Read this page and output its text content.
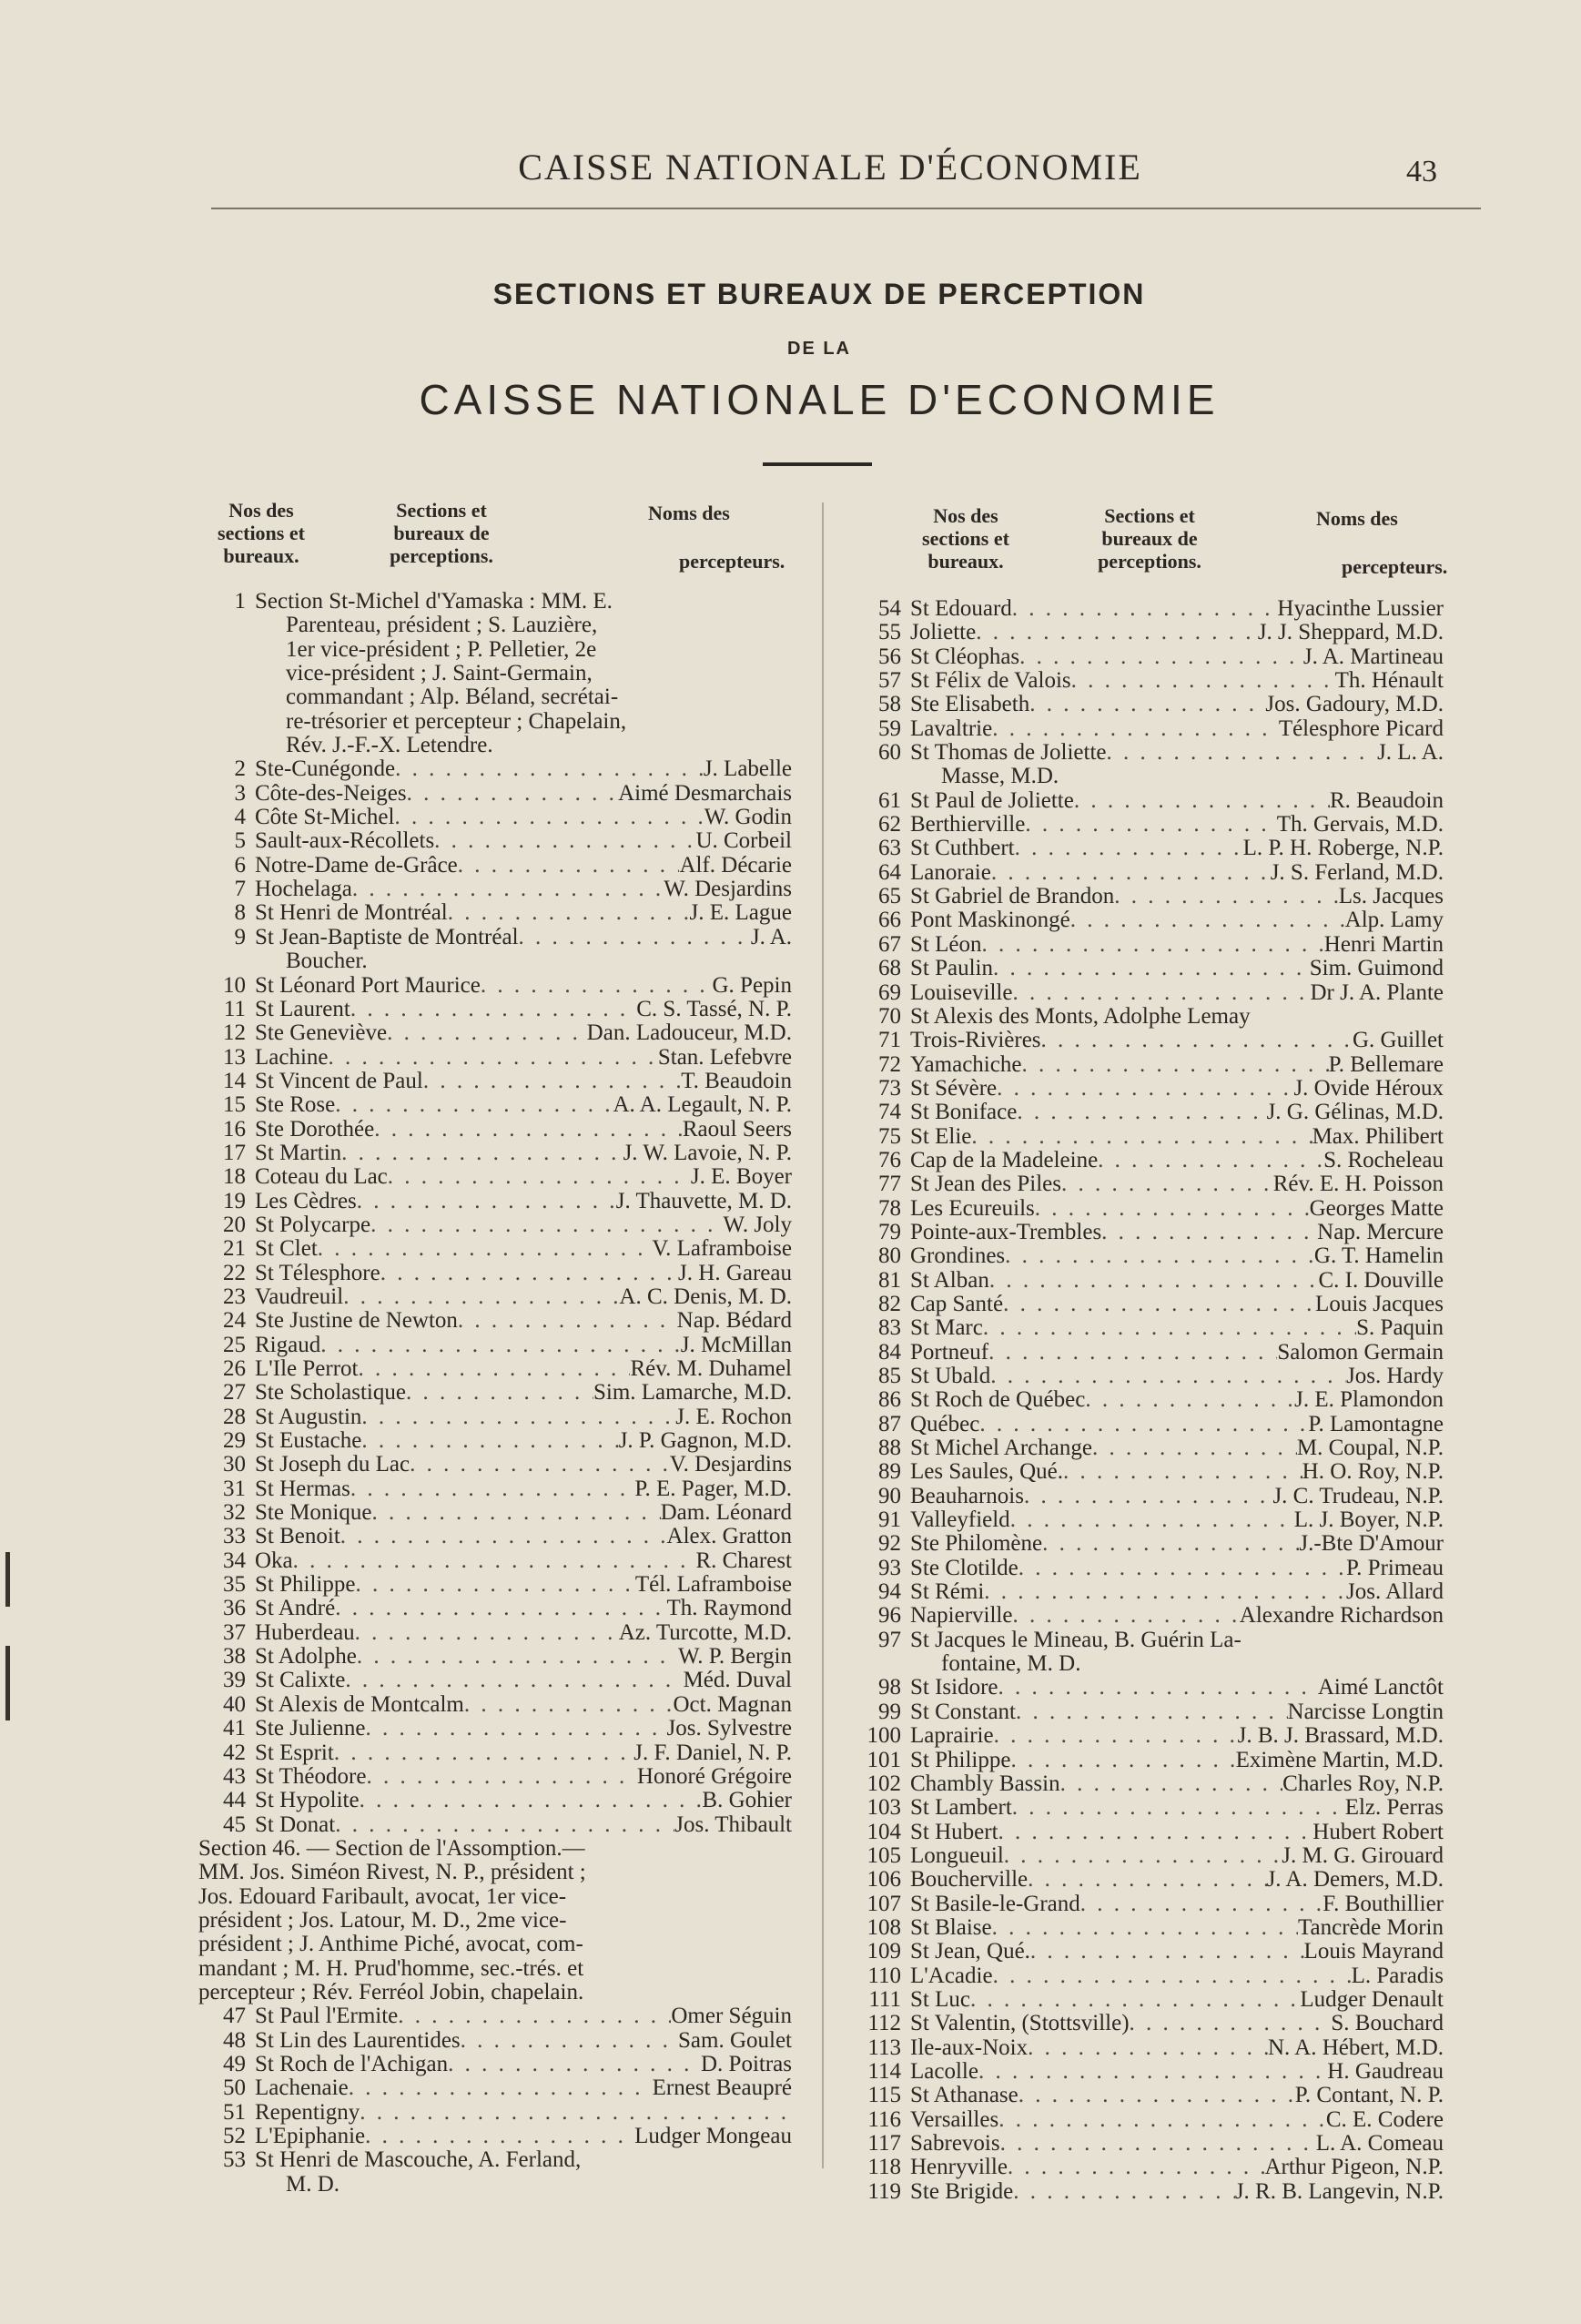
CAISSE NATIONALE D'ÉCONOMIE	43
SECTIONS ET BUREAUX DE PERCEPTION
DE LA
CAISSE NATIONALE D'ECONOMIE
Nos des sections et bureaux.
Sections et bureaux de perceptions.
Noms des
percepteurs.
Nos des sections et bureaux.
Sections et bureaux de perceptions.
Noms des
percepteurs.
1 Section St-Michel d'Yamaska : MM. E.
Parenteau, président ; S. Lauzière,
1er vice-président ; P. Pelletier, 2e
vice-président ; J. Saint-Germain,
commandant ; Alp. Béland, secrétai-
re-trésorier et percepteur ; Chapelain,
Rév. J.-F.-X. Letendre.
2 Ste-Cunégonde . . .	J. Labelle
3 Côte-des-Neiges . . .	Aimé Desmarchais
4 Côte St-Michel . . .	W. Godin
5 Sault-aux-Récollets . . .	U. Corbeil
6 Notre-Dame de-Grâce . . .	Alf. Décarie
7 Hochelaga . . .	W. Desjardins
8 St Henri de Montréal . . .	J. E. Lague
9 St Jean-Baptiste de Montréal . . .	J. A.
Boucher.
10 St Léonard Port Maurice . . .	G. Pepin
11 St Laurent . . .	C. S. Tassé, N. P.
12 Ste Geneviève . . .	Dan. Ladouceur, M.D.
13 Lachine . . .	Stan. Lefebvre
14 St Vincent de Paul . . .	T. Beaudoin
15 Ste Rose . . .	A. A. Legault, N. P.
16 Ste Dorothée . . .	Raoul Seers
17 St Martin . . .	J. W. Lavoie, N. P.
18 Coteau du Lac . . .	J. E. Boyer
19 Les Cèdres . . .	J. Thauvette, M. D.
20 St Polycarpe . . .	W. Joly
21 St Clet . . .	V. Laframboise
22 St Télesphore . . .	J. H. Gareau
23 Vaudreuil . . .	A. C. Denis, M. D.
24 Ste Justine de Newton . . .	Nap. Bédard
25 Rigaud . . .	J. McMillan
26 L'Ile Perrot . . .	Rév. M. Duhamel
27 Ste Scholastique . . .	Sim. Lamarche, M.D.
28 St Augustin . . .	J. E. Rochon
29 St Eustache . . .	J. P. Gagnon, M.D.
30 St Joseph du Lac . . .	V. Desjardins
31 St Hermas . . .	P. E. Pager, M.D.
32 Ste Monique . . .	Dam. Léonard
33 St Benoit . . .	Alex. Gratton
34 Oka . . .	R. Charest
35 St Philippe . . .	Tél. Laframboise
36 St André . . .	Th. Raymond
37 Huberdeau . . .	Az. Turcotte, M.D.
38 St Adolphe . . .	W. P. Bergin
39 St Calixte . . .	Méd. Duval
40 St Alexis de Montcalm . . .	Oct. Magnan
41 Ste Julienne . . .	Jos. Sylvestre
42 St Esprit . . .	J. F. Daniel, N. P.
43 St Théodore . . .	Honoré Grégoire
44 St Hypolite . . .	B. Gohier
45 St Donat . . .	Jos. Thibault
Section 46. — Section de l'Assomption.—
MM. Jos. Siméon Rivest, N. P., président ;
Jos. Edouard Faribault, avocat, 1er vice-
président ; Jos. Latour, M. D., 2me vice-
président ; J. Anthime Piché, avocat, com-
mandant ; M. H. Prud'homme, sec.-trés. et
percepteur ; Rév. Ferréol Jobin, chapelain.
47 St Paul l'Ermite . . .	Omer Séguin
48 St Lin des Laurentides . . .	Sam. Goulet
49 St Roch de l'Achigan . . .	D. Poitras
50 Lachenaie . . .	Ernest Beaupré
51 Repentigny
. . .
52 L'Epiphanie . . .	Ludger Mongeau
53 St Henri de Mascouche, A. Ferland,
M. D.
54 St Edouard . . .	Hyacinthe Lussier
55 Joliette . . .	J. J. Sheppard, M.D.
56 St Cléophas . . .	J. A. Martineau
57 St Félix de Valois . . .	Th. Hénault
58 Ste Elisabeth . . .	Jos. Gadoury, M.D.
59 Lavaltrie . . .	Télesphore Picard
60 St Thomas de Joliette . . .	J. L. A.
Masse, M.D.
61 St Paul de Joliette . . .	R. Beaudoin
62 Berthierville . . .	Th. Gervais, M.D.
63 St Cuthbert . . .	L. P. H. Roberge, N.P.
64 Lanoraie . . .	J. S. Ferland, M.D.
65 St Gabriel de Brandon . . .	Ls. Jacques
66 Pont Maskinongé . . .	Alp. Lamy
67 St Léon . . .	Henri Martin
68 St Paulin . . .	Sim. Guimond
69 Louiseville . . .	Dr J. A. Plante
70 St Alexis des Monts, Adolphe Lemay
71 Trois-Rivières . . .	G. Guillet
72 Yamachiche . . .	P. Bellemare
73 St Sévère . . .	J. Ovide Héroux
74 St Boniface . . .	J. G. Gélinas, M.D.
75 St Elie . . .	Max. Philibert
76 Cap de la Madeleine . . .	S. Rocheleau
77 St Jean des Piles . . .	Rév. E. H. Poisson
78 Les Ecureuils . . .	Georges Matte
79 Pointe-aux-Trembles . . .	Nap. Mercure
80 Grondines . . .	G. T. Hamelin
81 St Alban . . .	C. I. Douville
82 Cap Santé . . .	Louis Jacques
83 St Marc . . .	S. Paquin
84 Portneuf . . .	Salomon Germain
85 St Ubald . . .	Jos. Hardy
86 St Roch de Québec . . .	J. E. Plamondon
87 Québec . . .	P. Lamontagne
88 St Michel Archange . . .	M. Coupal, N.P.
89 Les Saules, Qué. . . .	H. O. Roy, N.P.
90 Beauharnois . . .	J. C. Trudeau, N.P.
91 Valleyfield . . .	L. J. Boyer, N.P.
92 Ste Philomène . . .	J.-Bte D'Amour
93 Ste Clotilde . . .	P. Primeau
94 St Rémi . . .	Jos. Allard
96 Napierville . . .	Alexandre Richardson
97 St Jacques le Mineau, B. Guérin La-
fontaine, M. D.
98 St Isidore . . .	Aimé Lanctôt
99 St Constant . . .	Narcisse Longtin
100 Laprairie . . .	J. B. J. Brassard, M.D.
101 St Philippe . . .	Eximène Martin, M.D.
102 Chambly Bassin . . .	Charles Roy, N.P.
103 St Lambert . . .	Elz. Perras
104 St Hubert . . .	Hubert Robert
105 Longueuil . . .	J. M. G. Girouard
106 Boucherville . . .	J. A. Demers, M.D.
107 St Basile-le-Grand . . .	F. Bouthillier
108 St Blaise . . .	Tancrède Morin
109 St Jean, Qué. . . .	Louis Mayrand
110 L'Acadie . . .	L. Paradis
111 St Luc . . .	Ludger Denault
112 St Valentin, (Stottsville) . . .	S. Bouchard
113 Ile-aux-Noix . . .	N. A. Hébert, M.D.
114 Lacolle . . .	H. Gaudreau
115 St Athanase . . .	P. Contant, N. P.
116 Versailles . . .	C. E. Codere
117 Sabrevois . . .	L. A. Comeau
118 Henryville . . .	Arthur Pigeon, N.P.
119 Ste Brigide . . .	J. R. B. Langevin, N.P.
